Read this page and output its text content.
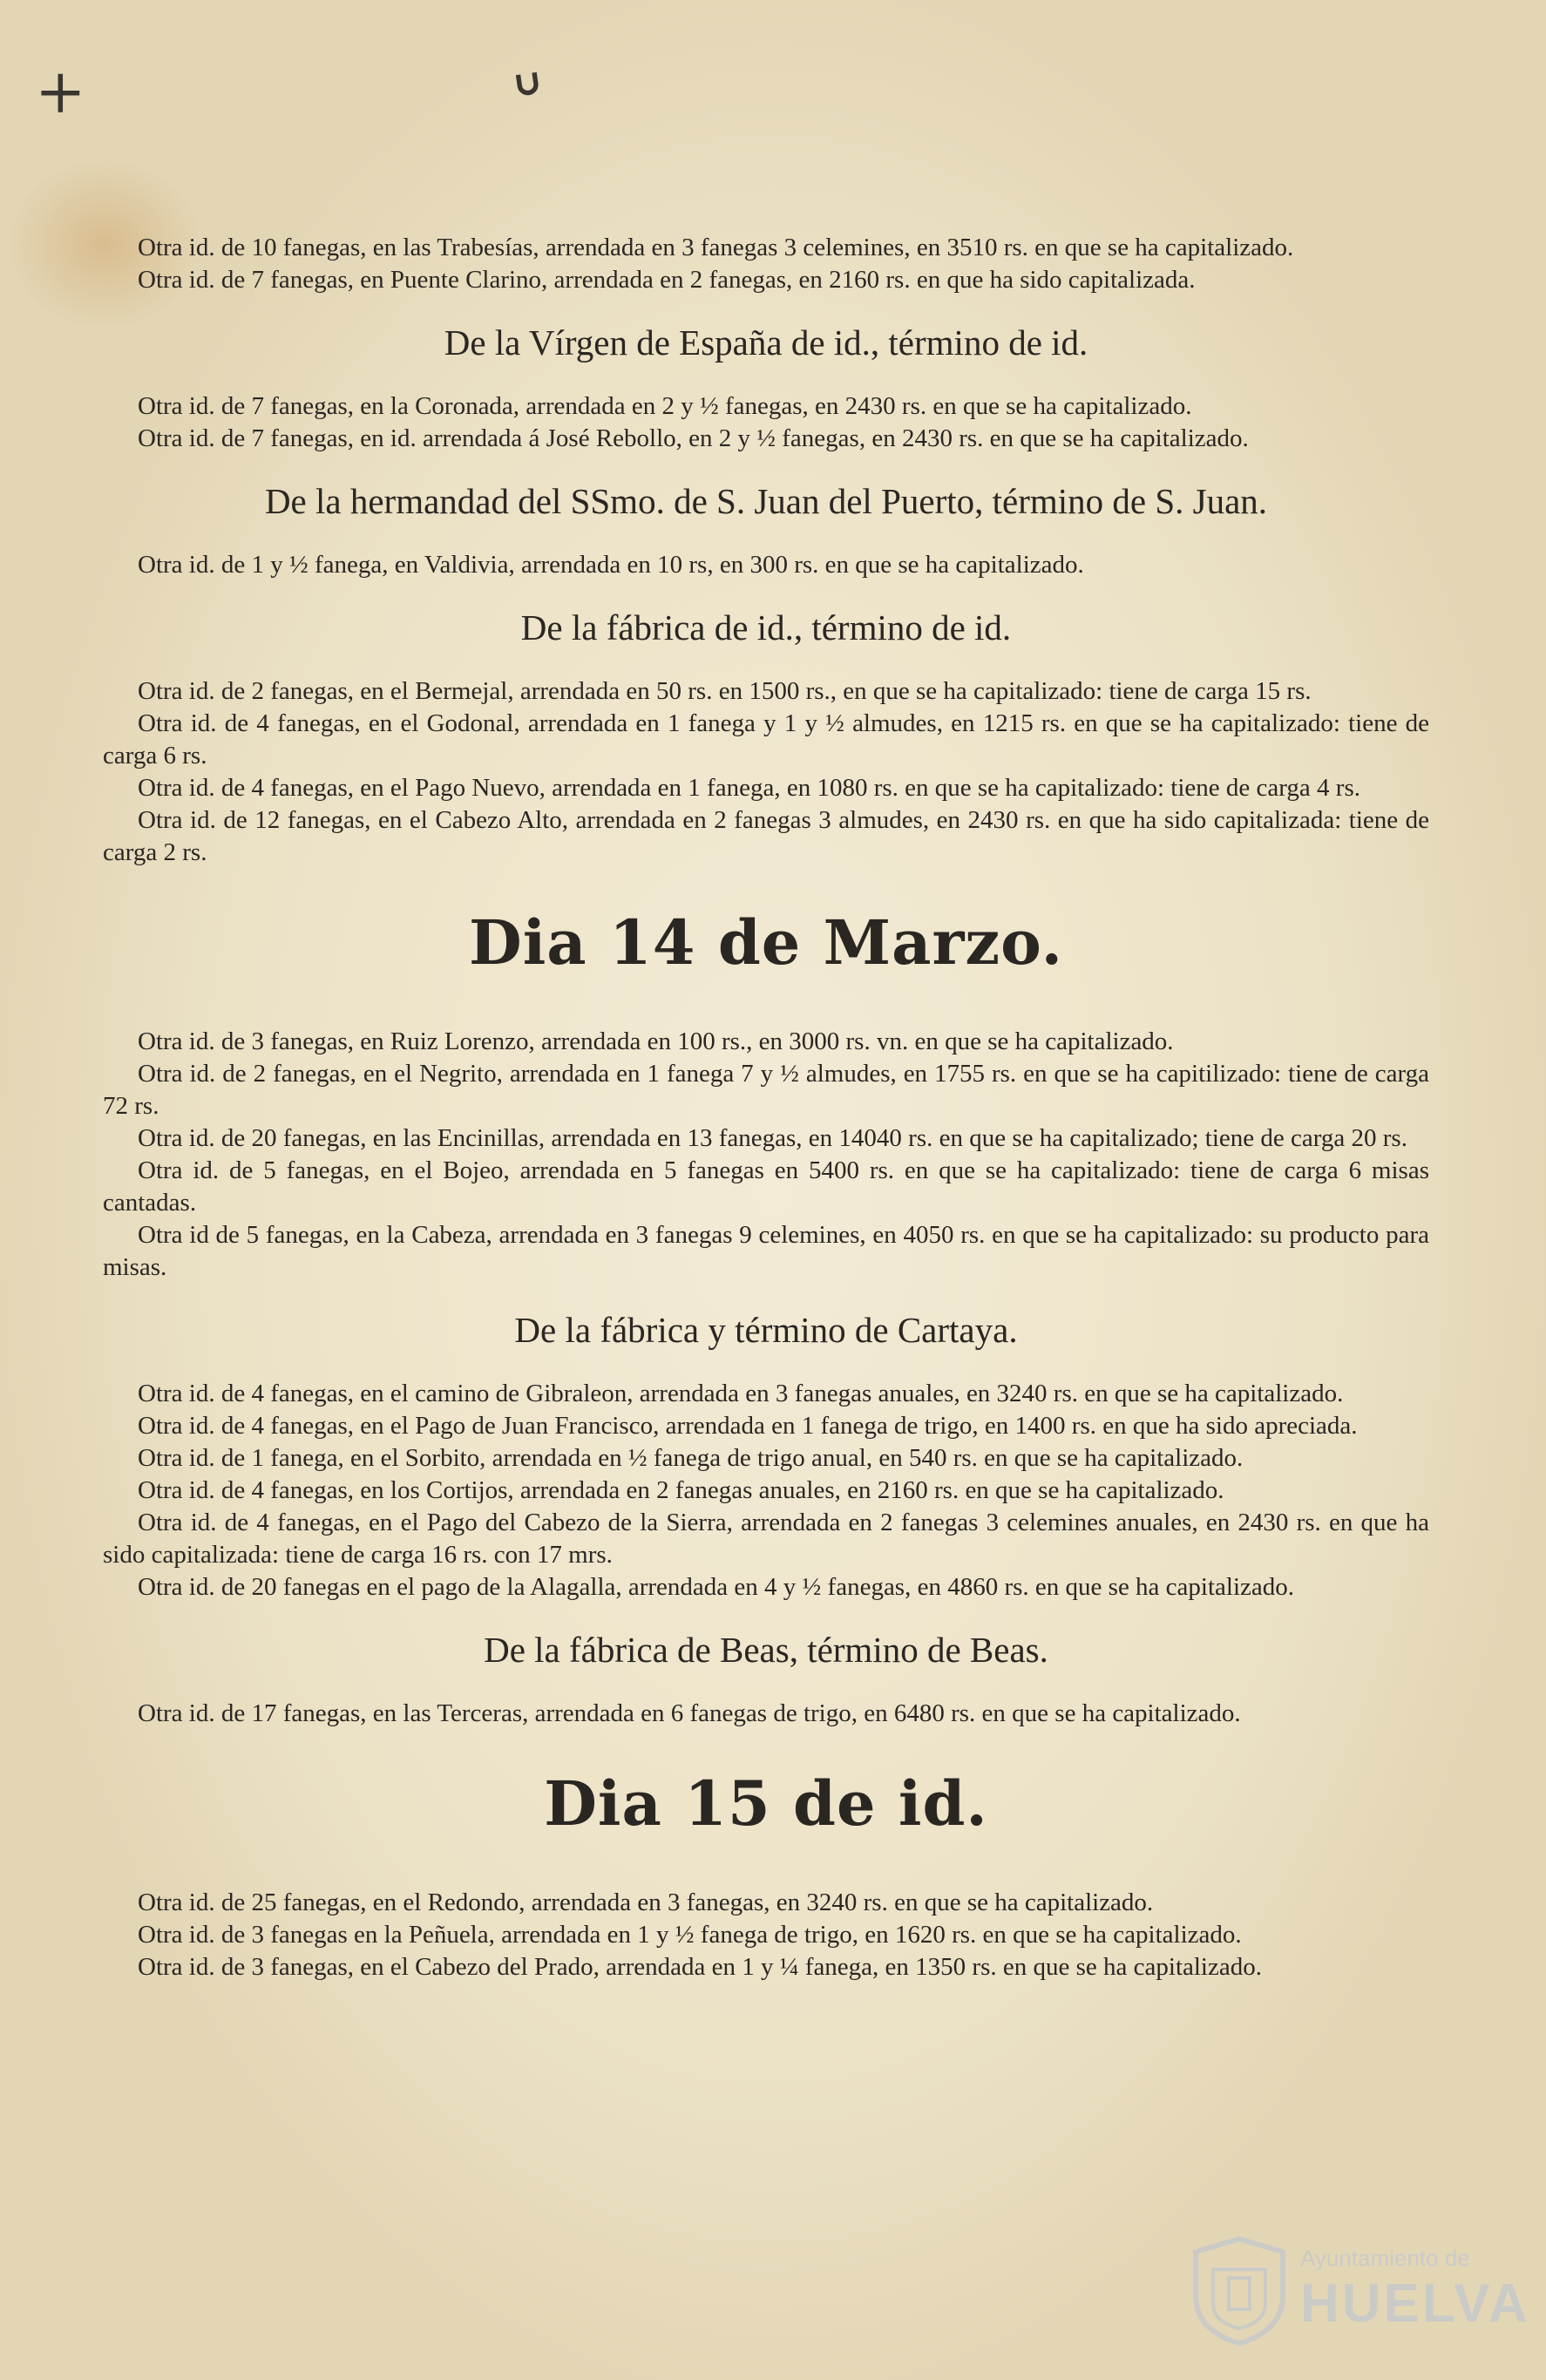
+	ᐡ

Otra id. de 10 fanegas, en las Trabesías, arrendada en 3 fanegas 3 celemines, en 3510 rs. en que se ha capitalizado.

Otra id. de 7 fanegas, en Puente Clarino, arrendada en 2 fanegas, en 2160 rs. en que ha sido capitalizada.

De la Vírgen de España de id., término de id.

Otra id. de 7 fanegas, en la Coronada, arrendada en 2 y ½ fanegas, en 2430 rs. en que se ha capitalizado.

Otra id. de 7 fanegas, en id. arrendada á José Rebollo, en 2 y ½ fanegas, en 2430 rs. en que se ha capitalizado.

De la hermandad del SSmo. de S. Juan del Puerto, término de S. Juan.

Otra id. de 1 y ½ fanega, en Valdivia, arrendada en 10 rs, en 300 rs. en que se ha capitalizado.

De la fábrica de id., término de id.

Otra id. de 2 fanegas, en el Bermejal, arrendada en 50 rs. en 1500 rs., en que se ha capitalizado: tiene de carga 15 rs.

Otra id. de 4 fanegas, en el Godonal, arrendada en 1 fanega y 1 y ½ almudes, en 1215 rs. en que se ha capitalizado: tiene de carga 6 rs.

Otra id. de 4 fanegas, en el Pago Nuevo, arrendada en 1 fanega, en 1080 rs. en que se ha capitalizado: tiene de carga 4 rs.

Otra id. de 12 fanegas, en el Cabezo Alto, arrendada en 2 fanegas 3 almudes, en 2430 rs. en que ha sido capitalizada: tiene de carga 2 rs.

Dia 14 de Marzo.

Otra id. de 3 fanegas, en Ruiz Lorenzo, arrendada en 100 rs., en 3000 rs. vn. en que se ha capitalizado.

Otra id. de 2 fanegas, en el Negrito, arrendada en 1 fanega 7 y ½ almudes, en 1755 rs. en que se ha capitilizado: tiene de carga 72 rs.

Otra id. de 20 fanegas, en las Encinillas, arrendada en 13 fanegas, en 14040 rs. en que se ha capitalizado; tiene de carga 20 rs.

Otra id. de 5 fanegas, en el Bojeo, arrendada en 5 fanegas en 5400 rs. en que se ha capitalizado: tiene de carga 6 misas cantadas.

Otra id de 5 fanegas, en la Cabeza, arrendada en 3 fanegas 9 celemines, en 4050 rs. en que se ha capitalizado: su producto para misas.

De la fábrica y término de Cartaya.

Otra id. de 4 fanegas, en el camino de Gibraleon, arrendada en 3 fanegas anuales, en 3240 rs. en que se ha capitalizado.

Otra id. de 4 fanegas, en el Pago de Juan Francisco, arrendada en 1 fanega de trigo, en 1400 rs. en que ha sido apreciada.

Otra id. de 1 fanega, en el Sorbito, arrendada en ½ fanega de trigo anual, en 540 rs. en que se ha capitalizado.

Otra id. de 4 fanegas, en los Cortijos, arrendada en 2 fanegas anuales, en 2160 rs. en que se ha capitalizado.

Otra id. de 4 fanegas, en el Pago del Cabezo de la Sierra, arrendada en 2 fanegas 3 celemines anuales, en 2430 rs. en que ha sido capitalizada: tiene de carga 16 rs. con 17 mrs.

Otra id. de 20 fanegas en el pago de la Alagalla, arrendada en 4 y ½ fanegas, en 4860 rs. en que se ha capitalizado.

De la fábrica de Beas, término de Beas.

Otra id. de 17 fanegas, en las Terceras, arrendada en 6 fanegas de trigo, en 6480 rs. en que se ha capitalizado.

Dia 15 de id.

Otra id. de 25 fanegas, en el Redondo, arrendada en 3 fanegas, en 3240 rs. en que se ha capitalizado.

Otra id. de 3 fanegas en la Peñuela, arrendada en 1 y ½ fanega de trigo, en 1620 rs. en que se ha capitalizado.

Otra id. de 3 fanegas, en el Cabezo del Prado, arrendada en 1 y ¼ fanega, en 1350 rs. en que se ha capitalizado.

Ayuntamiento de
HUELVA
